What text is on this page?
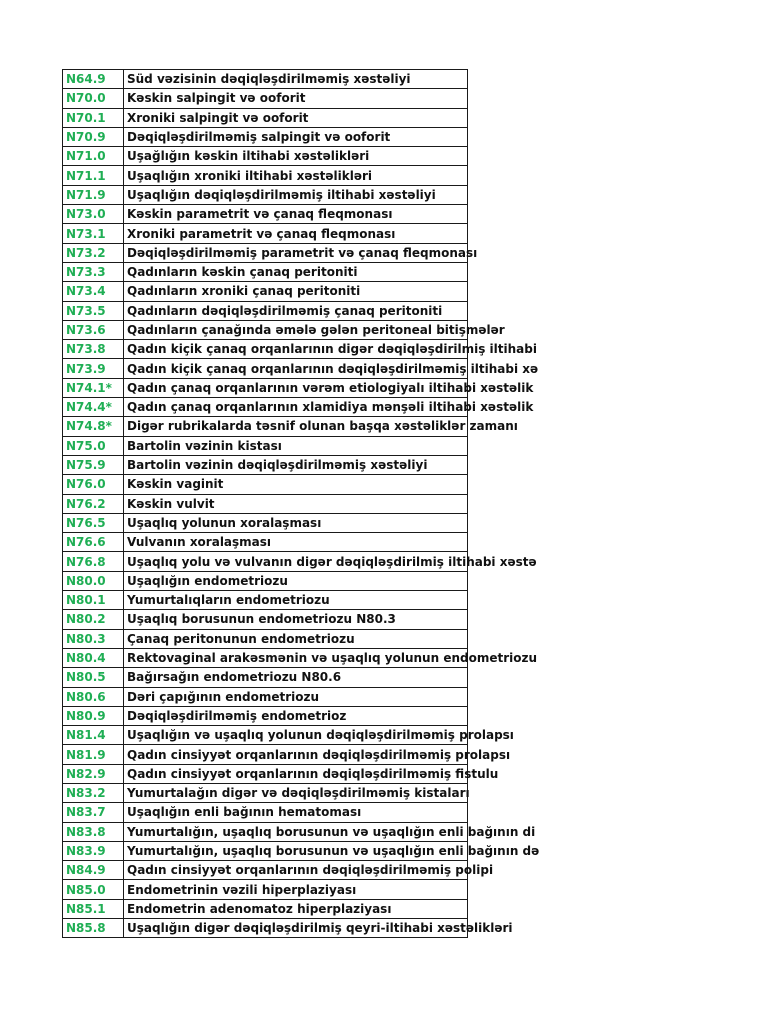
N64.9	Süd vəzisinin dəqiqləşdirilməmiş xəstəliyi
N70.0	Kəskin salpingit və ooforit
N70.1	Xroniki salpingit və ooforit
N70.9	Dəqiqləşdirilməmiş salpingit və ooforit
N71.0	Uşağlığın kəskin iltihabi xəstəlikləri
N71.1	Uşaqlığın xroniki iltihabi xəstəlikləri
N71.9	Uşaqlığın dəqiqləşdirilməmiş iltihabi xəstəliyi
N73.0	Kəskin parametrit və çanaq fleqmonası
N73.1	Xroniki parametrit və çanaq fleqmonası
N73.2	Dəqiqləşdirilməmiş parametrit və çanaq fleqmonası
N73.3	Qadınların kəskin çanaq peritoniti
N73.4	Qadınların xroniki çanaq peritoniti
N73.5	Qadınların dəqiqləşdirilməmiş çanaq peritoniti
N73.6	Qadınların çanağında əmələ gələn peritoneal bitişmələr
N73.8	Qadın kiçik çanaq orqanlarının digər dəqiqləşdirilmiş iltihabi
N73.9	Qadın kiçik çanaq orqanlarının dəqiqləşdirilməmiş iltihabi xə
N74.1*	Qadın çanaq orqanlarının vərəm etiologiyalı iltihabi xəstəlik
N74.4*	Qadın çanaq orqanlarının xlamidiya mənşəli iltihabi xəstəlik
N74.8*	Digər rubrikalarda təsnif olunan başqa xəstəliklər zamanı
N75.0	Bartolin vəzinin kistası
N75.9	Bartolin vəzinin dəqiqləşdirilməmiş xəstəliyi
N76.0	Kəskin vaginit
N76.2	Kəskin vulvit
N76.5	Uşaqlıq yolunun xoralaşması
N76.6	Vulvanın xoralaşması
N76.8	Uşaqlıq yolu və vulvanın digər dəqiqləşdirilmiş iltihabi xəstə
N80.0	Uşaqlığın endometriozu
N80.1	Yumurtalıqların endometriozu
N80.2	Uşaqlıq borusunun endometriozu N80.3
N80.3	Çanaq peritonunun endometriozu
N80.4	Rektovaginal arakəsmənin və uşaqlıq yolunun endometriozu
N80.5	Bağırsağın endometriozu N80.6
N80.6	Dəri çapığının endometriozu
N80.9	Dəqiqləşdirilməmiş endometrioz
N81.4	Uşaqlığın və uşaqlıq yolunun dəqiqləşdirilməmiş prolapsı
N81.9	Qadın cinsiyyət orqanlarının dəqiqləşdirilməmiş prolapsı
N82.9	Qadın cinsiyyət orqanlarının dəqiqləşdirilməmiş fistulu
N83.2	Yumurtalağın digər və dəqiqləşdirilməmiş kistaları
N83.7	Uşaqlığın enli bağının hematoması
N83.8	Yumurtalığın, uşaqlıq borusunun və uşaqlığın enli bağının di
N83.9	Yumurtalığın, uşaqlıq borusunun və uşaqlığın enli bağının də
N84.9	Qadın cinsiyyət orqanlarının dəqiqləşdirilməmiş polipi
N85.0	Endometrinin vəzili hiperplaziyası
N85.1	Endometrin adenomatoz hiperplaziyası
N85.8	Uşaqlığın digər dəqiqləşdirilmiş qeyri-iltihabi xəstəlikləri
